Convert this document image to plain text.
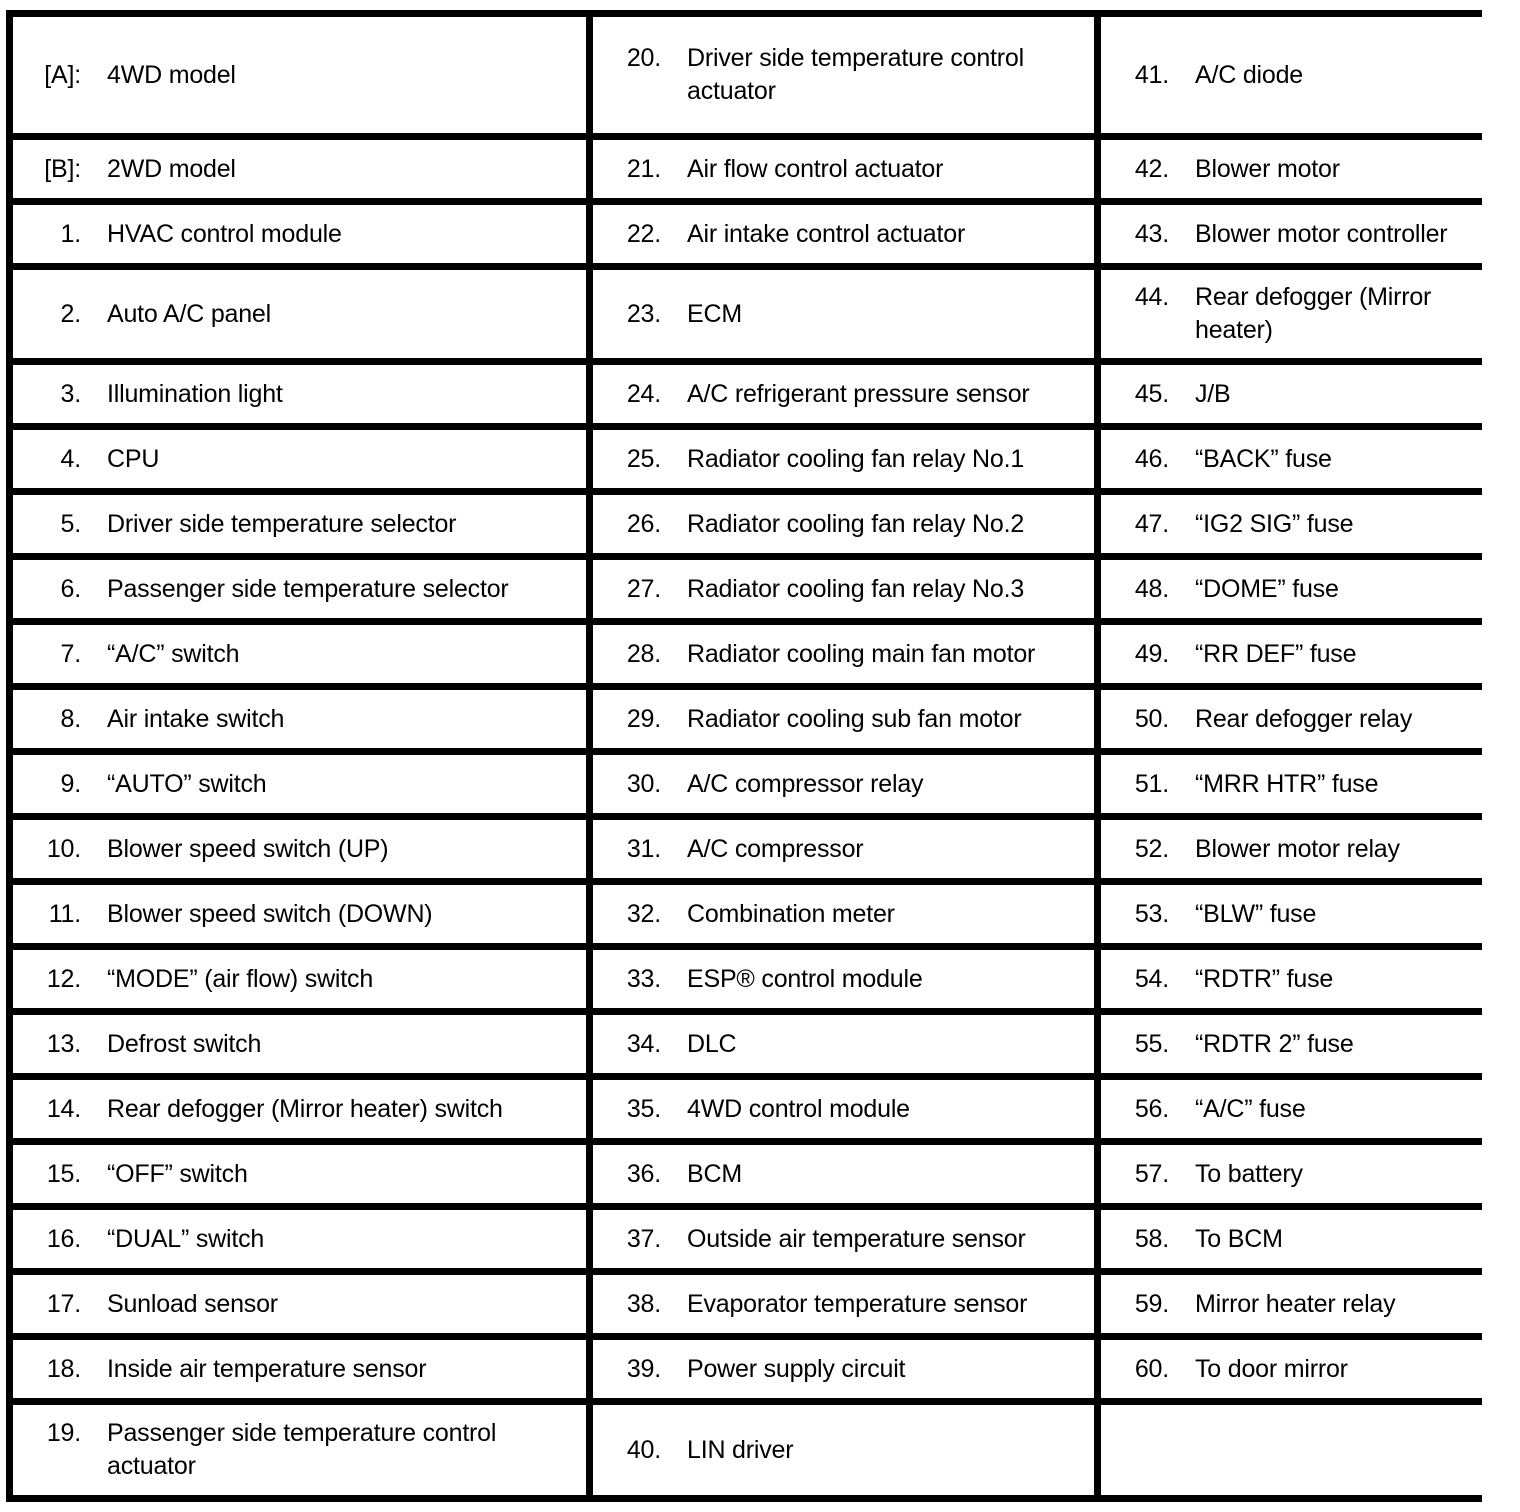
[A]: 4WD model
[B]: 2WD model
1. HVAC control module
2. Auto A/C panel
3. Illumination light
4. CPU
5. Driver side temperature selector
6. Passenger side temperature selector
7. “A/C” switch
8. Air intake switch
9. “AUTO” switch
10. Blower speed switch (UP)
11. Blower speed switch (DOWN)
12. “MODE” (air flow) switch
13. Defrost switch
14. Rear defogger (Mirror heater) switch
15. “OFF” switch
16. “DUAL” switch
17. Sunload sensor
18. Inside air temperature sensor
19. Passenger side temperature control actuator
20. Driver side temperature control actuator
21. Air flow control actuator
22. Air intake control actuator
23. ECM
24. A/C refrigerant pressure sensor
25. Radiator cooling fan relay No.1
26. Radiator cooling fan relay No.2
27. Radiator cooling fan relay No.3
28. Radiator cooling main fan motor
29. Radiator cooling sub fan motor
30. A/C compressor relay
31. A/C compressor
32. Combination meter
33. ESP® control module
34. DLC
35. 4WD control module
36. BCM
37. Outside air temperature sensor
38. Evaporator temperature sensor
39. Power supply circuit
40. LIN driver
41. A/C diode
42. Blower motor
43. Blower motor controller
44. Rear defogger (Mirror heater)
45. J/B
46. “BACK” fuse
47. “IG2 SIG” fuse
48. “DOME” fuse
49. “RR DEF” fuse
50. Rear defogger relay
51. “MRR HTR” fuse
52. Blower motor relay
53. “BLW” fuse
54. “RDTR” fuse
55. “RDTR 2” fuse
56. “A/C” fuse
57. To battery
58. To BCM
59. Mirror heater relay
60. To door mirror
